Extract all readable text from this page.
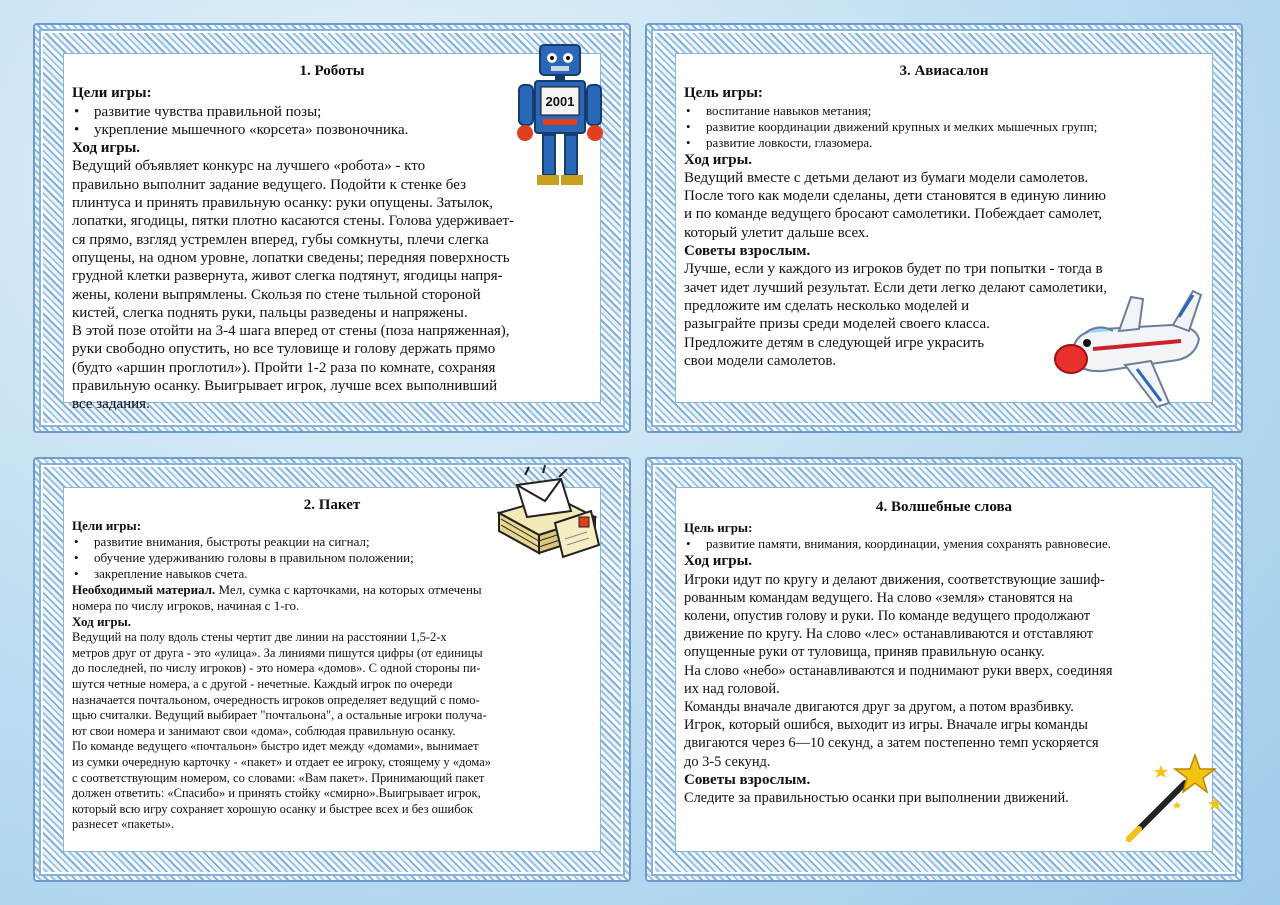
1. Роботы
Цели игры:
• развитие чувства правильной позы;
• укрепление мышечного «корсета» позвоночника.
Ход игры.
Ведущий объявляет конкурс на лучшего «робота» - кто
правильно выполнит задание ведущего. Подойти к стенке без
плинтуса и принять правильную осанку: руки опущены. Затылок,
лопатки, ягодицы, пятки плотно касаются стены. Голова удерживает-
ся прямо, взгляд устремлен вперед, губы сомкнуты, плечи слегка
опущены, на одном уровне, лопатки сведены; передняя поверхность
грудной клетки развернута, живот слегка подтянут, ягодицы напря-
жены, колени выпрямлены. Скользя по стене тыльной стороной
кистей, слегка поднять руки, пальцы разведены и напряжены.
В этой позе отойти на 3-4 шага вперед от стены (поза напряженная),
руки свободно опустить, но все туловище и голову держать прямо
(будто «аршин проглотил»). Пройти 1-2 раза по комнате, сохраняя
правильную осанку. Выигрывает игрок, лучше всех выполнивший
все задания.
2001
3. Авиасалон
Цель игры:
• воспитание навыков метания;
• развитие координации движений крупных и мелких мышечных групп;
• развитие ловкости, глазомера.
Ход игры.
Ведущий вместе с детьми делают из бумаги модели самолетов.
После того как модели сделаны, дети становятся в единую линию
и по команде ведущего бросают самолетики. Побеждает самолет,
который улетит дальше всех.
Советы взрослым.
Лучше, если у каждого из игроков будет по три попытки - тогда в
зачет идет лучший результат. Если дети легко делают самолетики,
предложите им сделать несколько моделей и
разыграйте призы среди моделей своего класса.
Предложите детям в следующей игре украсить
свои модели самолетов.
2. Пакет
Цели игры:
• развитие внимания, быстроты реакции на сигнал;
• обучение удерживанию головы в правильном положении;
• закрепление навыков счета.
Необходимый материал. Мел, сумка с карточками, на которых отмечены
номера по числу игроков, начиная с 1-го.
Ход игры.
Ведущий на полу вдоль стены чертит две линии на расстоянии 1,5-2-х
метров друг от друга - это «улица». За линиями пишутся цифры (от единицы
до последней, по числу игроков) - это номера «домов». С одной стороны пи-
шутся четные номера, а с другой - нечетные. Каждый игрок по очереди
назначается почтальоном, очередность игроков определяет ведущий с помо-
щью считалки. Ведущий выбирает "почтальона", а остальные игроки получа-
ют свои номера и занимают свои «дома», соблюдая правильную осанку.
По команде ведущего «почтальон» быстро идет между «домами», вынимает
из сумки очередную карточку - «пакет» и отдает ее игроку, стоящему у «дома»
с соответствующим номером, со словами: «Вам пакет». Принимающий пакет
должен ответить: «Спасибо» и принять стойку «смирно».Выигрывает игрок,
который всю игру сохраняет хорошую осанку и быстрее всех и без ошибок
разнесет «пакеты».
4. Волшебные слова
Цель игры:
• развитие памяти, внимания, координации, умения сохранять равновесие.
Ход игры.
Игроки идут по кругу и делают движения, соответствующие зашиф-
рованным командам ведущего. На слово «земля» становятся на
колени, опустив голову и руки. По команде ведущего продолжают
движение по кругу. На слово «лес» останавливаются и отставляют
опущенные руки от туловища, приняв правильную осанку.
На слово «небо» останавливаются и поднимают руки вверх, соединяя
их над головой.
Команды вначале двигаются друг за другом, а потом вразбивку.
Игрок, который ошибся, выходит из игры. Вначале игры команды
двигаются через 6—10 секунд, а затем постепенно темп ускоряется
до 3-5 секунд.
Советы взрослым.
Следите за правильностью осанки при выполнении движений.
